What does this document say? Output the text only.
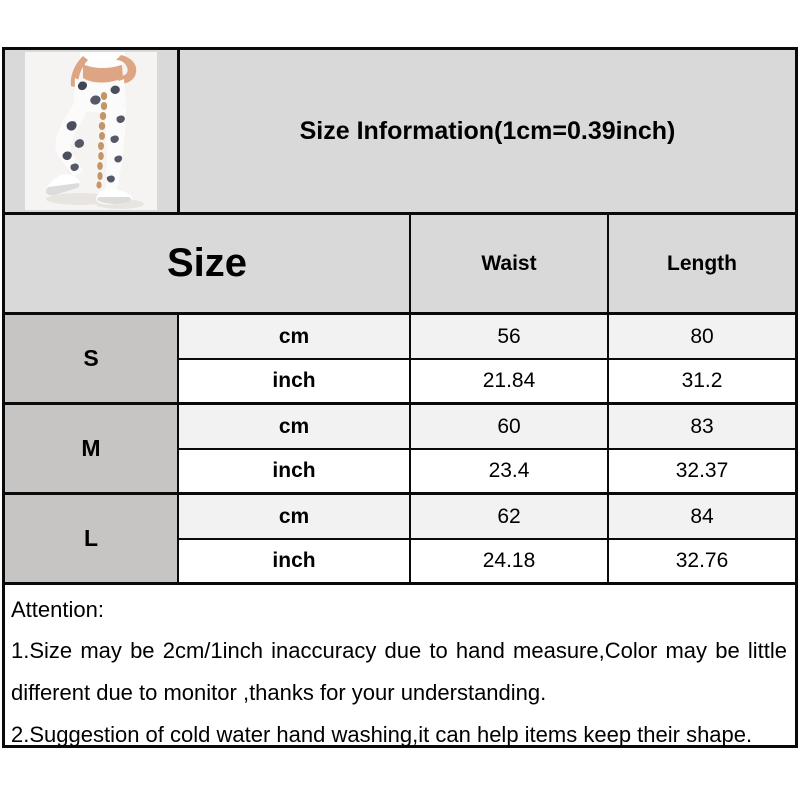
Size Information(1cm=0.39inch)
Size	Waist	Length
S
cm	56	80
inch	21.84	31.2
M
cm	60	83
inch	23.4	32.37
L
cm	62	84
inch	24.18	32.76
Attention:
1.Size may be 2cm/1inch inaccuracy due to hand measure,Color may be little different due to monitor ,thanks for your understanding.
2.Suggestion of cold water hand washing,it can help items keep their shape.
